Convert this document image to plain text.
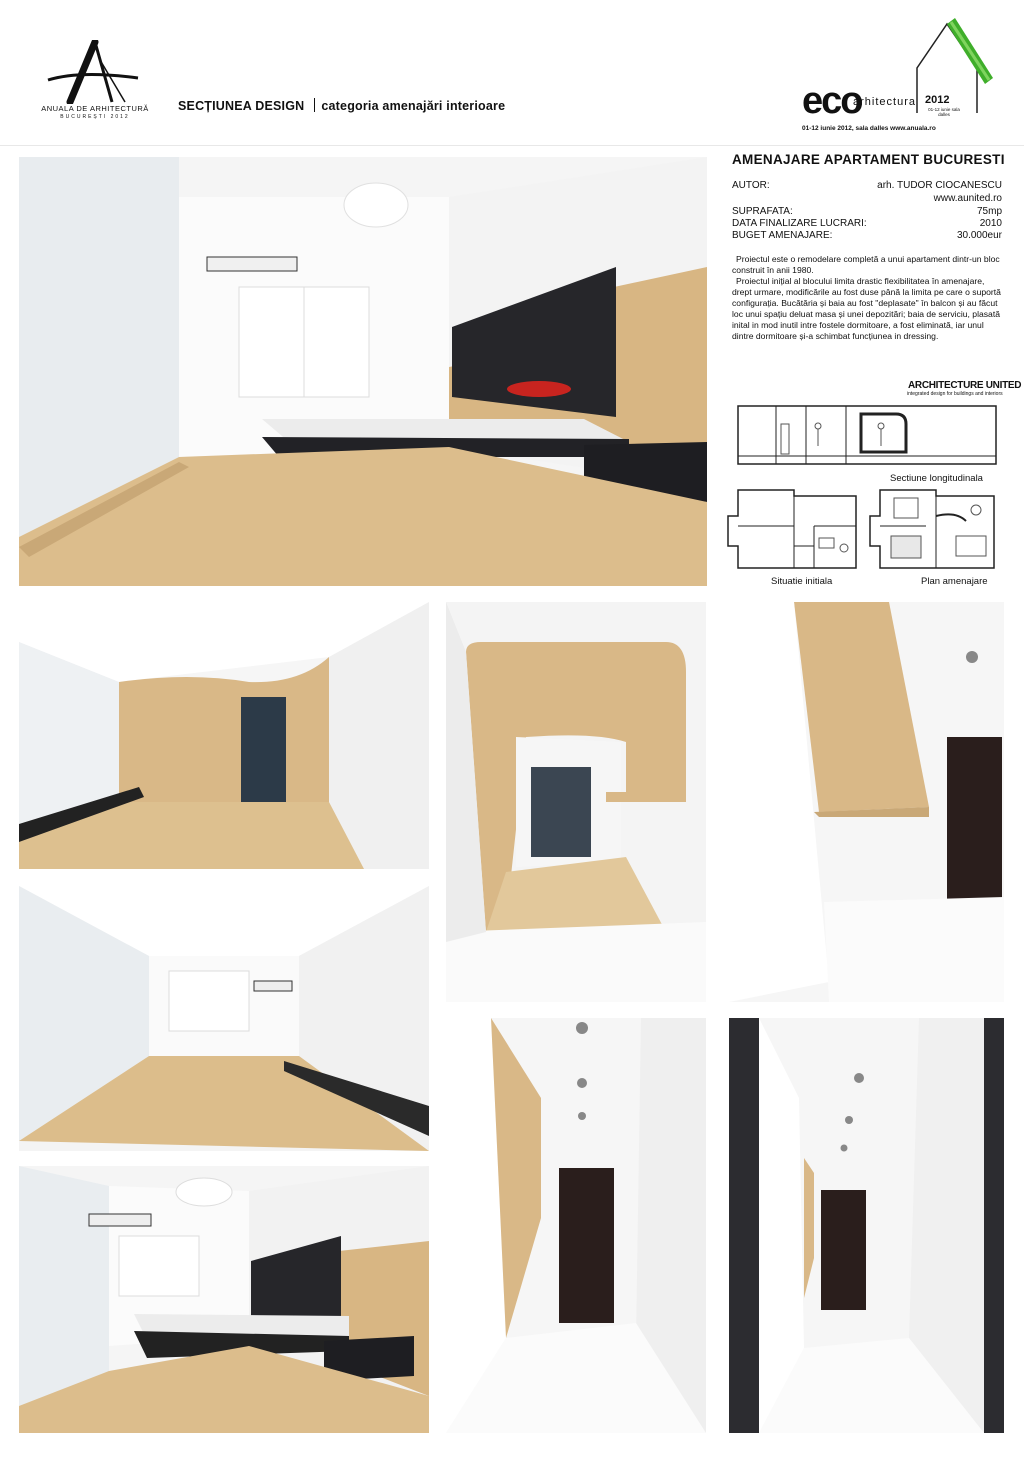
ANUALA DE ARHITECTURĂ
BUCUREȘTI 2012
SECȚIUNEA DESIGN categoria amenajări interioare	eco
arhitectura 2012
01-12 iunie sala dalles
01-12 iunie 2012, sala dalles www.anuala.ro
AMENAJARE APARTAMENT BUCURESTI
AUTOR:	arh. TUDOR CIOCANESCU
www.aunited.ro
SUPRAFATA:	75mp
DATA FINALIZARE LUCRARI:	2010
BUGET AMENAJARE:	30.000eur

Proiectul este o remodelare completă a unui apartament dintr-un bloc construit în anii 1980.

Proiectul inițial al blocului limita drastic flexibilitatea în amenajare, drept urmare, modificările au fost duse până la limita pe care o suportă configurația. Bucătăria și baia au fost "deplasate" în balcon și au făcut loc unui spațiu deluat masa și unei depozitări; baia de serviciu, plasată inital in mod inutil intre fostele dormitoare, a fost eliminată, iar unul dintre dormitoare și-a schimbat funcțiunea in dressing.

ARCHITECTURE UNITED
integrated design for buildings and interiors
Sectiune longitudinala
Situatie initiala	Plan amenajare
